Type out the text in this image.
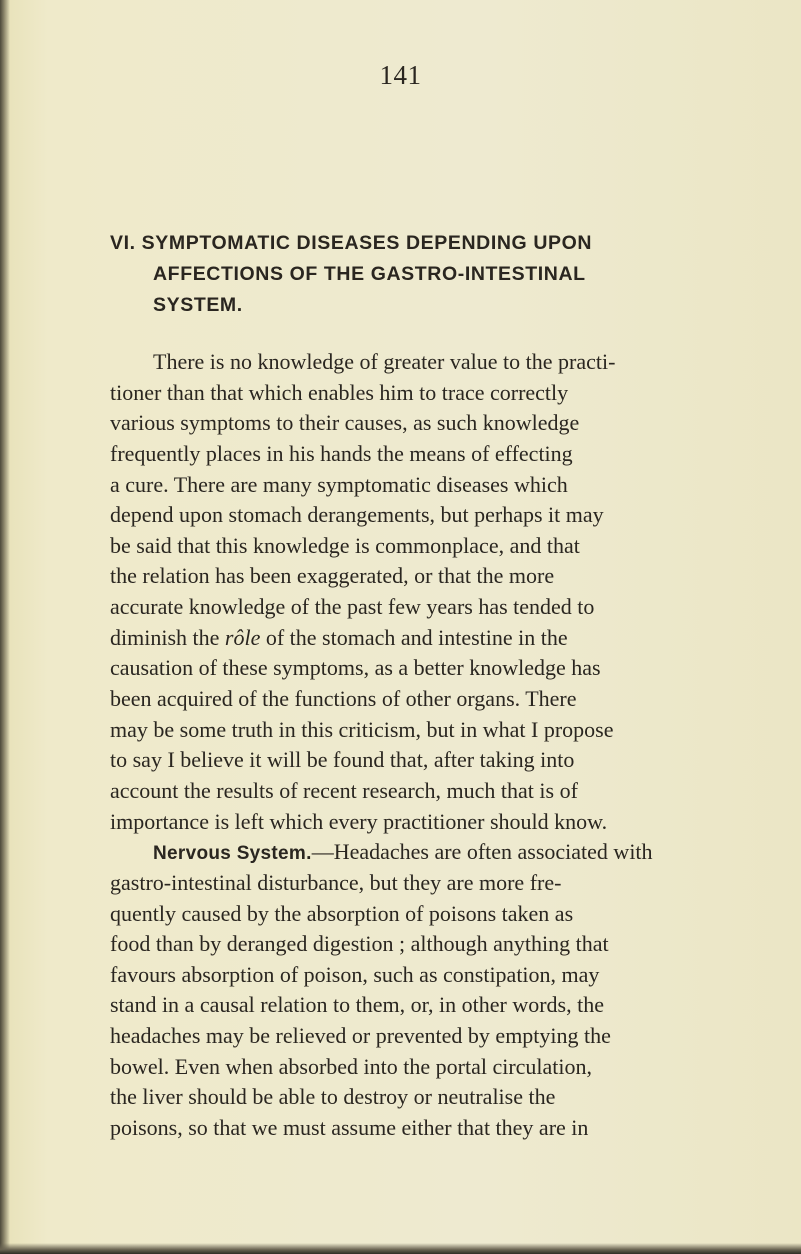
141
VI. SYMPTOMATIC DISEASES DEPENDING UPON
AFFECTIONS OF THE GASTRO-INTESTINAL
SYSTEM.
There is no knowledge of greater value to the practi-
tioner than that which enables him to trace correctly
various symptoms to their causes, as such knowledge
frequently places in his hands the means of effecting
a cure. There are many symptomatic diseases which
depend upon stomach derangements, but perhaps it may
be said that this knowledge is commonplace, and that
the relation has been exaggerated, or that the more
accurate knowledge of the past few years has tended to
diminish the rôle of the stomach and intestine in the
causation of these symptoms, as a better knowledge has
been acquired of the functions of other organs. There
may be some truth in this criticism, but in what I propose
to say I believe it will be found that, after taking into
account the results of recent research, much that is of
importance is left which every practitioner should know.
Nervous System.—Headaches are often associated with
gastro-intestinal disturbance, but they are more fre-
quently caused by the absorption of poisons taken as
food than by deranged digestion ; although anything that
favours absorption of poison, such as constipation, may
stand in a causal relation to them, or, in other words, the
headaches may be relieved or prevented by emptying the
bowel. Even when absorbed into the portal circulation,
the liver should be able to destroy or neutralise the
poisons, so that we must assume either that they are in
